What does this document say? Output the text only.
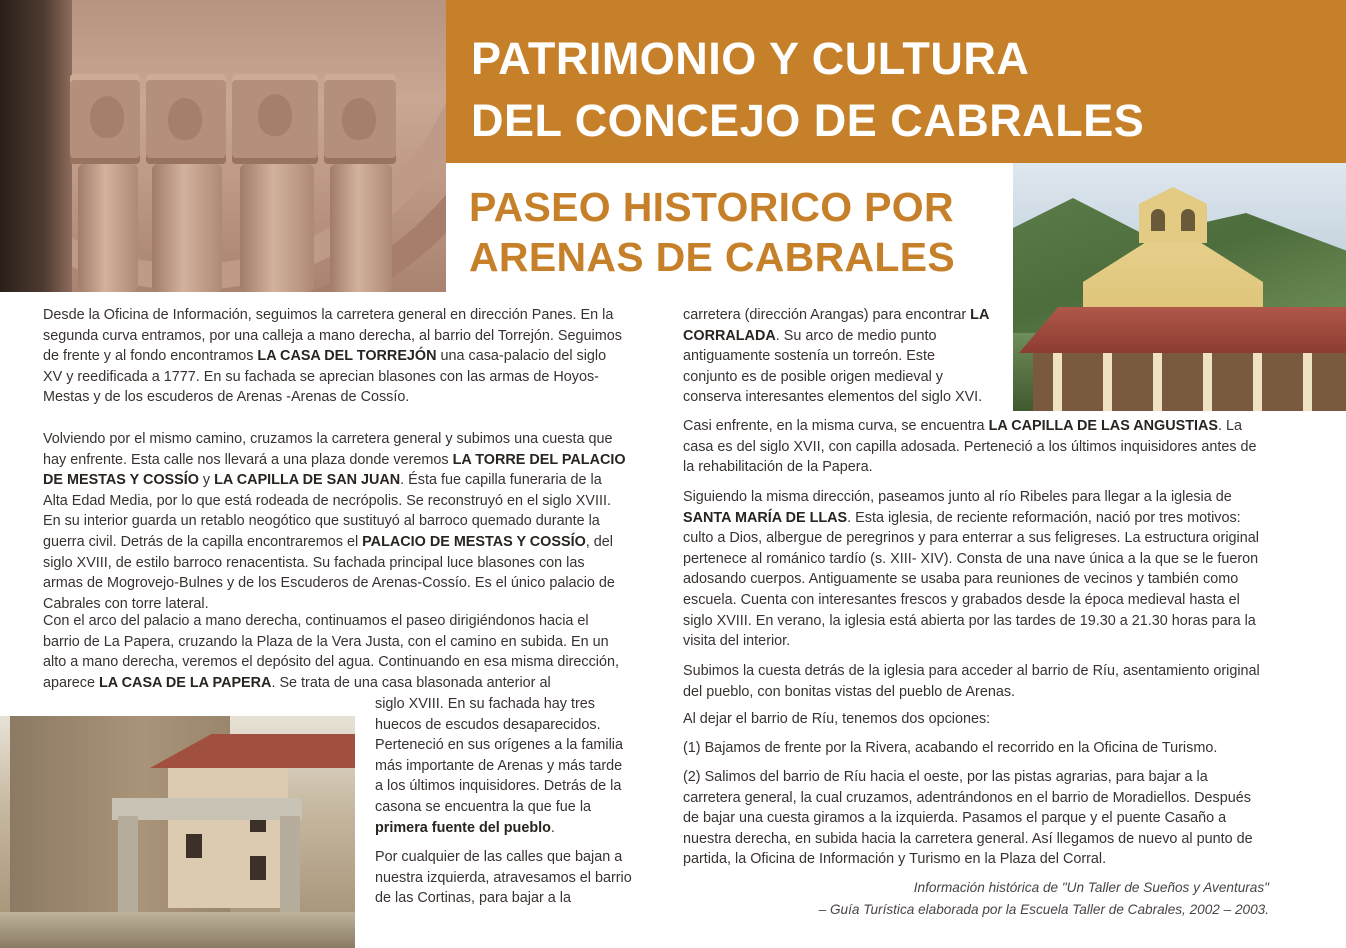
PATRIMONIO Y CULTURA
DEL CONCEJO DE CABRALES
PASEO HISTORICO POR
ARENAS DE CABRALES

Desde la Oficina de Información, seguimos la carretera general en dirección Panes. En la segunda curva entramos, por una calleja a mano derecha, al barrio del Torrejón. Seguimos de frente y al fondo encontramos LA CASA DEL TORREJÓN una casa-palacio del siglo XV y reedificada a 1777. En su fachada se aprecian blasones con las armas de Hoyos-Mestas y de los escuderos de Arenas -Arenas de Cossío.

Volviendo por el mismo camino, cruzamos la carretera general y subimos una cuesta que hay enfrente. Esta calle nos llevará a una plaza donde veremos LA TORRE DEL PALACIO DE MESTAS Y COSSÍO y LA CAPILLA DE SAN JUAN. Ésta fue capilla funeraria de la Alta Edad Media, por lo que está rodeada de necrópolis. Se reconstruyó en el siglo XVIII. En su interior guarda un retablo neogótico que sustituyó al barroco quemado durante la guerra civil. Detrás de la capilla encontraremos el PALACIO DE MESTAS Y COSSÍO, del siglo XVIII, de estilo barroco renacentista. Su fachada principal luce blasones con las armas de Mogrovejo-Bulnes y de los Escuderos de Arenas-Cossío. Es el único palacio de Cabrales con torre lateral.

Con el arco del palacio a mano derecha, continuamos el paseo dirigiéndonos hacia el barrio de La Papera, cruzando la Plaza de la Vera Justa, con el camino en subida. En un alto a mano derecha, veremos el depósito del agua. Continuando en esa misma dirección, aparece LA CASA DE LA PAPERA. Se trata de una casa blasonada anterior al

siglo XVIII. En su fachada hay tres huecos de escudos desaparecidos. Perteneció en sus orígenes a la familia más importante de Arenas y más tarde a los últimos inquisidores. Detrás de la casona se encuentra la que fue la primera fuente del pueblo.

Por cualquier de las calles que bajan a nuestra izquierda, atravesamos el barrio de las Cortinas, para bajar a la

carretera (dirección Arangas) para encontrar LA CORRALADA. Su arco de medio punto antiguamente sostenía un torreón. Este conjunto es de posible origen medieval y conserva interesantes elementos del siglo XVI.

Casi enfrente, en la misma curva, se encuentra LA CAPILLA DE LAS ANGUSTIAS. La casa es del siglo XVII, con capilla adosada. Perteneció a los últimos inquisidores antes de la rehabilitación de la Papera.

Siguiendo la misma dirección, paseamos junto al río Ribeles para llegar a la iglesia de SANTA MARÍA DE LLAS. Esta iglesia, de reciente reformación, nació por tres motivos: culto a Dios, albergue de peregrinos y para enterrar a sus feligreses. La estructura original pertenece al románico tardío (s. XIII- XIV). Consta de una nave única a la que se le fueron adosando cuerpos. Antiguamente se usaba para reuniones de vecinos y también como escuela. Cuenta con interesantes frescos y grabados desde la época medieval hasta el siglo XVIII. En verano, la iglesia está abierta por las tardes de 19.30 a 21.30 horas para la visita del interior.

Subimos la cuesta detrás de la iglesia para acceder al barrio de Ríu, asentamiento original del pueblo, con bonitas vistas del pueblo de Arenas.

Al dejar el barrio de Ríu, tenemos dos opciones:

(1) Bajamos de frente por la Rivera, acabando el recorrido en la Oficina de Turismo.

(2) Salimos del barrio de Ríu hacia el oeste, por las pistas agrarias, para bajar a la carretera general, la cual cruzamos, adentrándonos en el barrio de Moradiellos. Después de bajar una cuesta giramos a la izquierda. Pasamos el parque y el puente Casaño a nuestra derecha, en subida hacia la carretera general. Así llegamos de nuevo al punto de partida, la Oficina de Información y Turismo en la Plaza del Corral.

Información histórica de "Un Taller de Sueños y Aventuras"
– Guía Turística elaborada por la Escuela Taller de Cabrales, 2002 – 2003.
